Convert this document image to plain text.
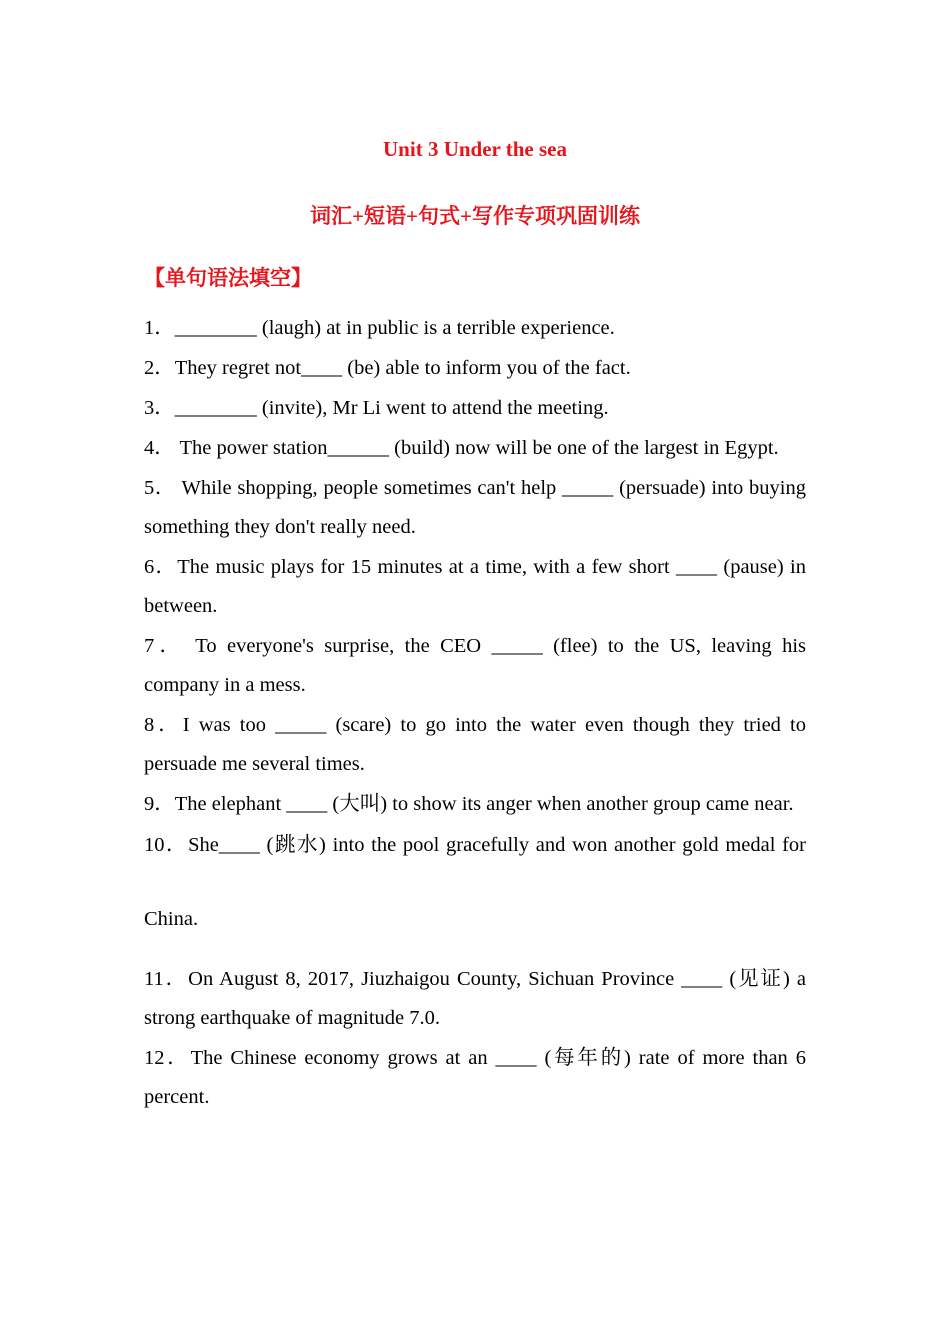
Unit 3 Under the sea
词汇+短语+句式+写作专项巩固训练
【单句语法填空】

1．________ (laugh) at in public is a terrible experience.

2．They regret not____ (be) able to inform you of the fact.

3．________ (invite), Mr Li went to attend the meeting.

4． The power station______ (build) now will be one of the largest in Egypt.

5． While shopping, people sometimes can't help _____ (persuade) into buying something they don't really need.

6．The music plays for 15 minutes at a time, with a few short ____ (pause) in between.

7． To everyone's surprise, the CEO _____ (flee) to the US, leaving his company in a mess.

8．I was too _____ (scare) to go into the water even though they tried to persuade me several times.

9．The elephant ____ (大叫) to show its anger when another group came near.

10．She____ (跳水) into the pool gracefully and won another gold medal for China.

11．On August 8, 2017, Jiuzhaigou County, Sichuan Province ____ (见证) a strong earthquake of magnitude 7.0.

12．The Chinese economy grows at an ____ (每年的) rate of more than 6 percent.
